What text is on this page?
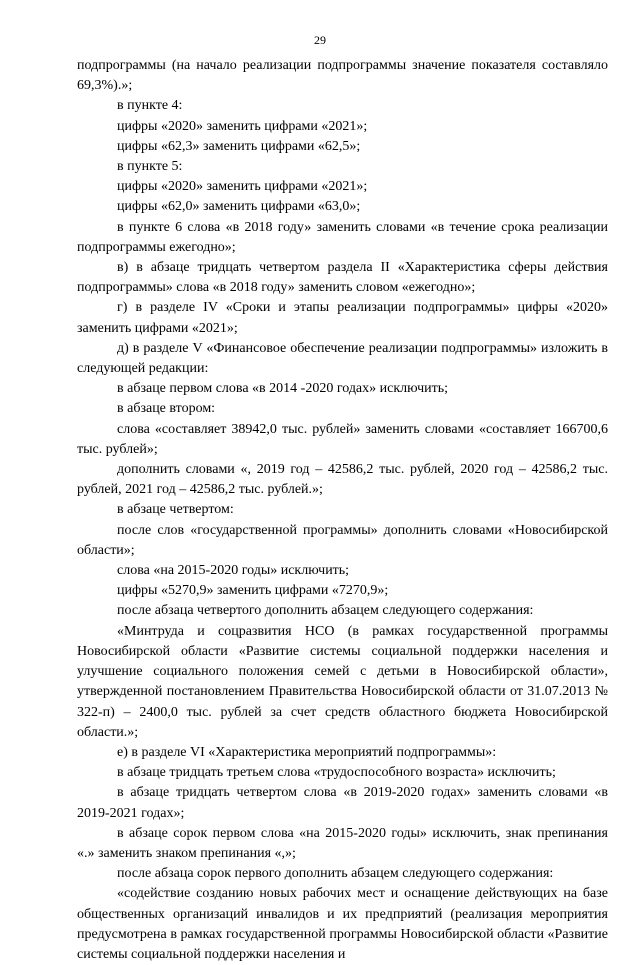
29

подпрограммы (на начало реализации подпрограммы значение показателя составляло 69,3%).»;

в пункте 4:

цифры «2020» заменить цифрами «2021»;

цифры «62,3» заменить цифрами «62,5»;

в пункте 5:

цифры «2020» заменить цифрами «2021»;

цифры «62,0» заменить цифрами «63,0»;

в пункте 6 слова «в 2018 году» заменить словами «в течение срока реализации подпрограммы ежегодно»;

в) в абзаце тридцать четвертом раздела II «Характеристика сферы действия подпрограммы» слова «в 2018 году» заменить словом «ежегодно»;

г) в разделе IV «Сроки и этапы реализации подпрограммы» цифры «2020» заменить цифрами «2021»;

д) в разделе V «Финансовое обеспечение реализации подпрограммы» изложить в следующей редакции:

в абзаце первом слова «в 2014 -2020 годах» исключить;

в абзаце втором:

слова «составляет 38942,0 тыс. рублей» заменить словами «составляет 166700,6 тыс. рублей»;

дополнить словами «, 2019 год – 42586,2 тыс. рублей, 2020 год – 42586,2 тыс. рублей, 2021 год – 42586,2 тыс. рублей.»;

в абзаце четвертом:

после слов «государственной программы» дополнить словами «Новосибирской области»;

слова «на 2015-2020 годы» исключить;

цифры «5270,9» заменить цифрами «7270,9»;

после абзаца четвертого дополнить абзацем следующего содержания:

«Минтруда и соцразвития НСО (в рамках государственной программы Новосибирской области «Развитие системы социальной поддержки населения и улучшение социального положения семей с детьми в Новосибирской области», утвержденной постановлением Правительства Новосибирской области от 31.07.2013 № 322-п) – 2400,0 тыс. рублей за счет средств областного бюджета Новосибирской области.»;

е) в разделе VI «Характеристика мероприятий подпрограммы»:

в абзаце тридцать третьем слова «трудоспособного возраста» исключить;

в абзаце тридцать четвертом слова «в 2019-2020 годах» заменить словами «в 2019-2021 годах»;

в абзаце сорок первом слова «на 2015-2020 годы» исключить, знак препинания «.» заменить знаком препинания «,»;

после абзаца сорок первого дополнить абзацем следующего содержания:

«содействие созданию новых рабочих мест и оснащение действующих на базе общественных организаций инвалидов и их предприятий (реализация мероприятия предусмотрена в рамках государственной программы Новосибирской области «Развитие системы социальной поддержки населения и
